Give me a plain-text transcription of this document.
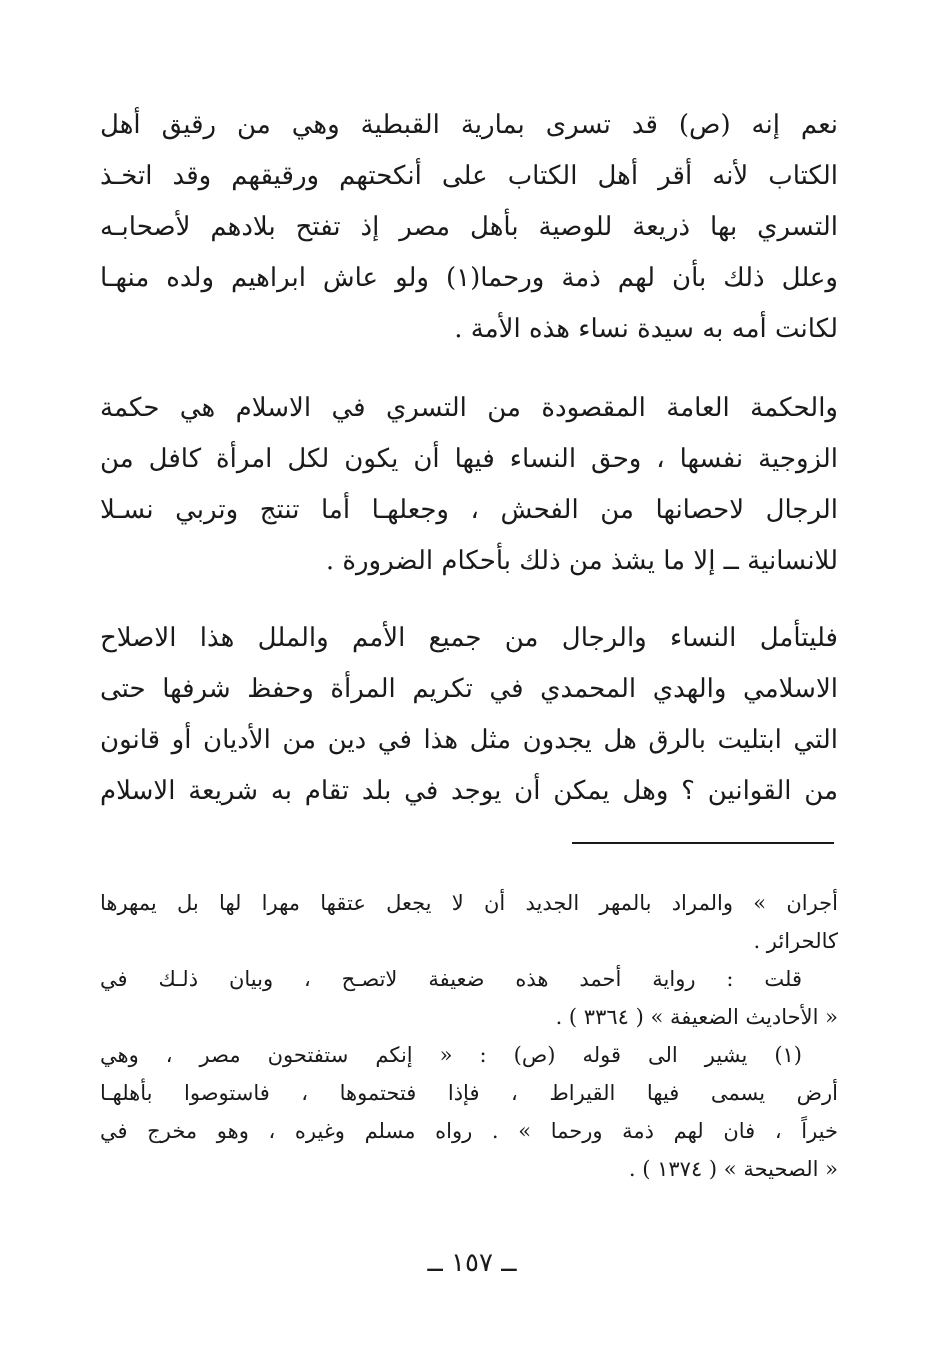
نعم إنه (ص) قد تسرى بمارية القبطية وهي من رقيق أهل
الكتاب لأنه أقر أهل الكتاب على أنكحتهم ورقيقهم وقد اتخـذ
التسري بها ذريعة للوصية بأهل مصر إذ تفتح بلادهم لأصحابـه
وعلل ذلك بأن لهم ذمة ورحما(١) ولو عاش ابراهيم ولده منهـا
لكانت أمه به سيدة نساء هذه الأمة .
والحكمة العامة المقصودة من التسري في الاسلام هي حكمة
الزوجية نفسها ، وحق النساء فيها أن يكون لكل امرأة كافل من
الرجال لاحصانها من الفحش ، وجعلهـا أما تنتج وتربي نسـلا
للانسانية ــ إلا ما يشذ من ذلك بأحكام الضرورة .
فليتأمل النساء والرجال من جميع الأمم والملل هذا الاصلاح
الاسلامي والهدي المحمدي في تكريم المرأة وحفظ شرفها حتى
التي ابتليت بالرق هل يجدون مثل هذا في دين من الأديان أو قانون
من القوانين ؟ وهل يمكن أن يوجد في بلد تقام به شريعة الاسلام
أجران » والمراد بالمهر الجديد أن لا يجعل عتقها مهرا لها بل يمهرها
كالحرائر .
قلت : رواية أحمد هذه ضعيفة لاتصـح ، وبيان ذلـك في
« الأحاديث الضعيفة » ( ٣٣٦٤ ) .
(١) يشير الى قوله (ص) : « إنكم ستفتحون مصر ، وهي
أرض يسمى فيها القيراط ، فإذا فتحتموها ، فاستوصوا بأهلهـا
خيراً ، فان لهم ذمة ورحما » . رواه مسلم وغيره ، وهو مخرج في
« الصحيحة » ( ١٣٧٤ ) .
ــ ١٥٧ ــ
